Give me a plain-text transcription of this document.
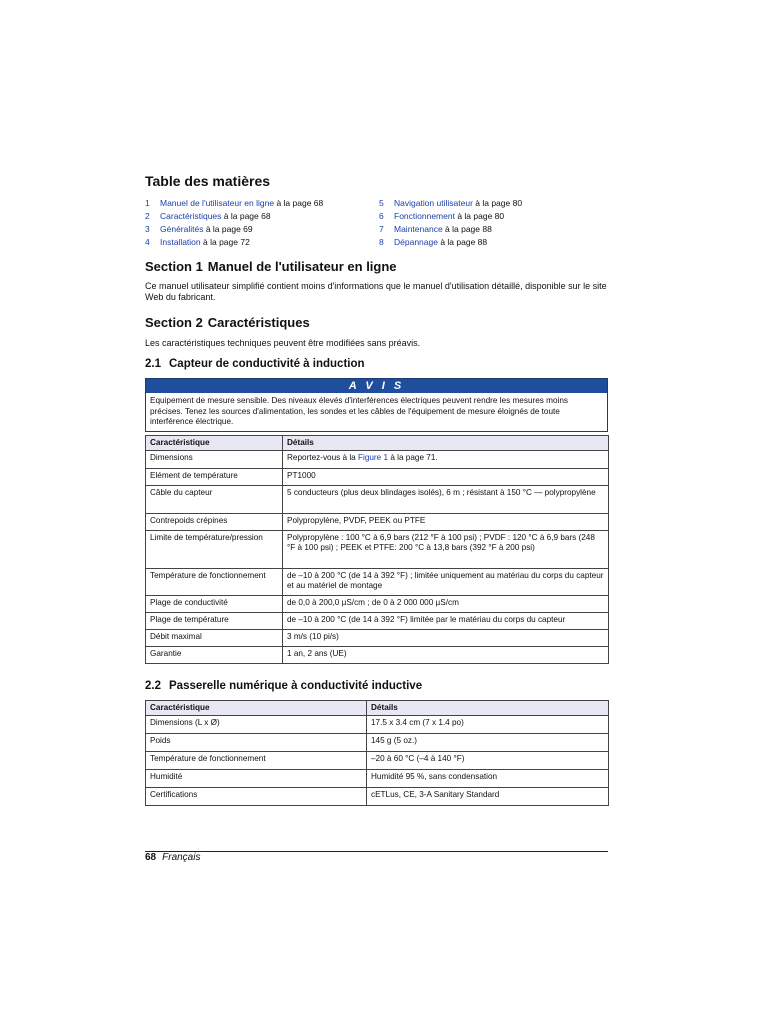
Table des matières
1 Manuel de l'utilisateur en ligne à la page 68
2 Caractéristiques à la page 68
3 Généralités à la page 69
4 Installation à la page 72
5 Navigation utilisateur à la page 80
6 Fonctionnement à la page 80
7 Maintenance à la page 88
8 Dépannage à la page 88
Section 1 Manuel de l'utilisateur en ligne

Ce manuel utilisateur simplifié contient moins d'informations que le manuel d'utilisation détaillé, disponible sur le site Web du fabricant.

Section 2 Caractéristiques

Les caractéristiques techniques peuvent être modifiées sans préavis.

2.1 Capteur de conductivité à induction
A V I S
Equipement de mesure sensible. Des niveaux élevés d'interférences électriques peuvent rendre les mesures moins précises. Tenez les sources d'alimentation, les sondes et les câbles de l'équipement de mesure éloignés de toute interférence électrique.
Caractéristique	Détails
Dimensions	Reportez-vous à la Figure 1 à la page 71.
Elément de température	PT1000
Câble du capteur	5 conducteurs (plus deux blindages isolés), 6 m ; résistant à 150 °C — polypropylène
Contrepoids crépines	Polypropylène, PVDF, PEEK ou PTFE
Limite de température/pression	Polypropylène : 100 °C à 6,9 bars (212 °F à 100 psi) ; PVDF : 120 °C à 6,9 bars (248 °F à 100 psi) ; PEEK et PTFE: 200 °C à 13,8 bars (392 °F à 200 psi)
Température de fonctionnement	de –10 à 200 °C (de 14 à 392 °F) ; limitée uniquement au matériau du corps du capteur et au matériel de montage
Plage de conductivité	de 0,0 à 200,0 µS/cm ; de 0 à 2 000 000 µS/cm
Plage de température	de –10 à 200 °C (de 14 à 392 °F) limitée par le matériau du corps du capteur
Débit maximal	3 m/s (10 pi/s)
Garantie	1 an, 2 ans (UE)
2.2 Passerelle numérique à conductivité inductive
Caractéristique	Détails
Dimensions (L x Ø)	17.5 x 3.4 cm (7 x 1.4 po)
Poids	145 g (5 oz.)
Température de fonctionnement	–20 à 60 °C (–4 à 140 °F)
Humidité	Humidité 95 %, sans condensation
Certifications	cETLus, CE, 3-A Sanitary Standard
68 Français
